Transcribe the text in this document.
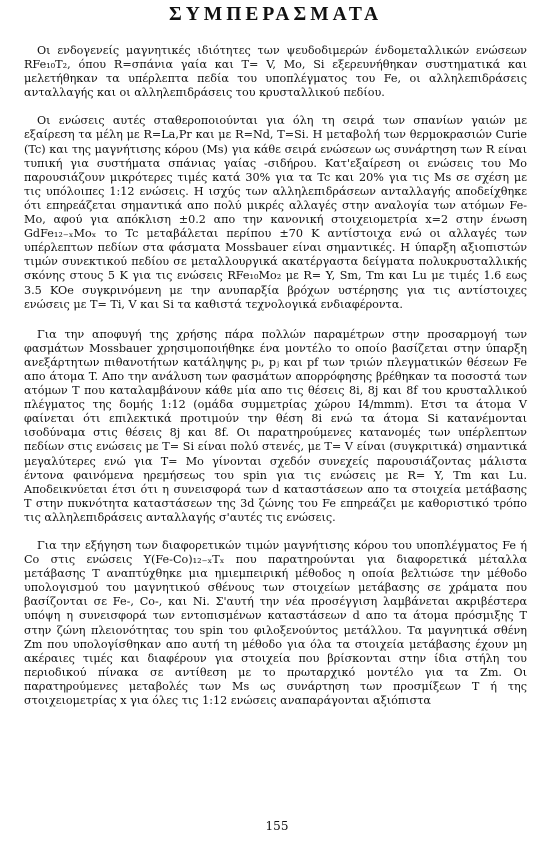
ΣΥΜΠΕΡΑΣΜΑΤΑ

Οι ενδογενείς μαγνητικές ιδιότητες των ψευδοδιμερών ένδομεταλλικών ενώσεων RFe₁₀T₂, όπου R=σπάνια γαία και T= V, Mo, Si εξερευνήθηκαν συστηματικά και μελετήθηκαν τα υπέρλεπτα πεδία του υποπλέγματος του Fe, οι αλληλεπιδράσεις ανταλλαγής και οι αλληλεπιδράσεις του κρυσταλλικού πεδίου.

Οι ενώσεις αυτές σταθεροποιούνται για όλη τη σειρά των σπανίων γαιών με εξαίρεση τα μέλη με R=La,Pr και με R=Nd, T=Si. Η μεταβολή των θερμοκρασιών Curie (Tc) και της μαγνήτισης κόρου (Ms) για κάθε σειρά ενώσεων ως συνάρτηση των R είναι τυπική για συστήματα σπάνιας γαίας -σιδήρου. Κατ'εξαίρεση οι ενώσεις του Mo παρουσιάζουν μικρότερες τιμές κατά 30% για τα Tc και 20% για τις Ms σε σχέση με τις υπόλοιπες 1:12 ενώσεις. Η ισχύς των αλληλεπιδράσεων ανταλλαγής αποδείχθηκε ότι επηρεάζεται σημαντικά απο πολύ μικρές αλλαγές στην αναλογία των ατόμων Fe-Mo, αφού για απόκλιση ±0.2 απο την κανονική στοιχειομετρία x=2 στην ένωση GdFe₁₂₋ₓMoₓ το Tc μεταβάλεται περίπου ±70 K αντίστοιχα ενώ οι αλλαγές των υπέρλεπτων πεδίων στα φάσματα Mossbauer είναι σημαντικές. Η ύπαρξη αξιοπιστών τιμών συνεκτικού πεδίου σε μεταλλουργικά ακατέργαστα δείγματα πολυκρυσταλλικής σκόνης στους 5 K για τις ενώσεις RFe₁₀Mo₂ με R= Y, Sm, Tm και Lu με τιμές 1.6 εως 3.5 KOe συγκρινόμενη με την ανυπαρξία βρόχων υστέρησης για τις αντίστοιχες ενώσεις με T= Ti, V και Si τα καθιστά τεχνολογικά ενδιαφέροντα.

Για την αποφυγή της χρήσης πάρα πολλών παραμέτρων στην προσαρμογή των φασμάτων Mossbauer χρησιμοποιήθηκε ένα μοντέλο το οποίο βασίζεται στην ύπαρξη ανεξάρτητων πιθανοτήτων κατάληψης pᵢ, pⱼ και pf των τριών πλεγματικών θέσεων Fe απο άτομα T. Απο την ανάλυση των φασμάτων απορρόφησης βρέθηκαν τα ποσοστά των ατόμων T που καταλαμβάνουν κάθε μία απο τις θέσεις 8i, 8j και 8f του κρυσταλλικού πλέγματος της δομής 1:12 (ομάδα συμμετρίας χώρου I4/mmm). Ετσι τα άτομα V φαίνεται ότι επιλεκτικά προτιμούν την θέση 8i ενώ τα άτομα Si κατανέμονται ισοδύναμα στις θέσεις 8j και 8f. Οι παρατηρούμενες κατανομές των υπέρλεπτων πεδίων στις ενώσεις με T= Si είναι πολύ στενές, με T= V είναι (συγκριτικά) σημαντικά μεγαλύτερες ενώ για T= Mo γίνονται σχεδόν συνεχείς παρουσιάζοντας μάλιστα έντονα φαινόμενα ηρεμήσεως του spin για τις ενώσεις με R= Y, Tm και Lu. Αποδεικνύεται έτσι ότι η συνεισφορά των d καταστάσεων απο τα στοιχεία μετάβασης T στην πυκνότητα καταστάσεων της 3d ζώνης του Fe επηρεάζει με καθοριστικό τρόπο τις αλληλεπιδράσεις ανταλλαγής σ'αυτές τις ενώσεις.

Για την εξήγηση των διαφορετικών τιμών μαγνήτισης κόρου του υποπλέγματος Fe ή Co στις ενώσεις Y(Fe-Co)₁₂₋ₓTₓ που παρατηρούνται για διαφορετικά μέταλλα μετάβασης T αναπτύχθηκε μια ημιεμπειρική μέθοδος η οποία βελτιώσε την μέθοδο υπολογισμού του μαγνητικού σθένους των στοιχείων μετάβασης σε χράματα που βασίζονται σε Fe-, Co-, και Ni. Σ'αυτή την νέα προσέγγιση λαμβάνεται ακριβέστερα υπόψη η συνεισφορά των εντοπισμένων καταστάσεων d απο τα άτομα πρόσμιξης T στην ζώνη πλειονότητας του spin του φιλοξενούντος μετάλλου. Τα μαγνητικά σθένη Zm που υπολογίσθηκαν απο αυτή τη μέθοδο για όλα τα στοιχεία μετάβασης έχουν μη ακέραιες τιμές και διαφέρουν για στοιχεία που βρίσκονται στην ίδια στήλη του περιοδικού πίνακα σε αντίθεση με το πρωταρχικό μοντέλο για τα Zm. Οι παρατηρούμενες μεταβολές των Ms ως συνάρτηση των προσμίξεων T ή της στοιχειομετρίας x για όλες τις 1:12 ενώσεις αναπαράγονται αξιόπιστα

155
